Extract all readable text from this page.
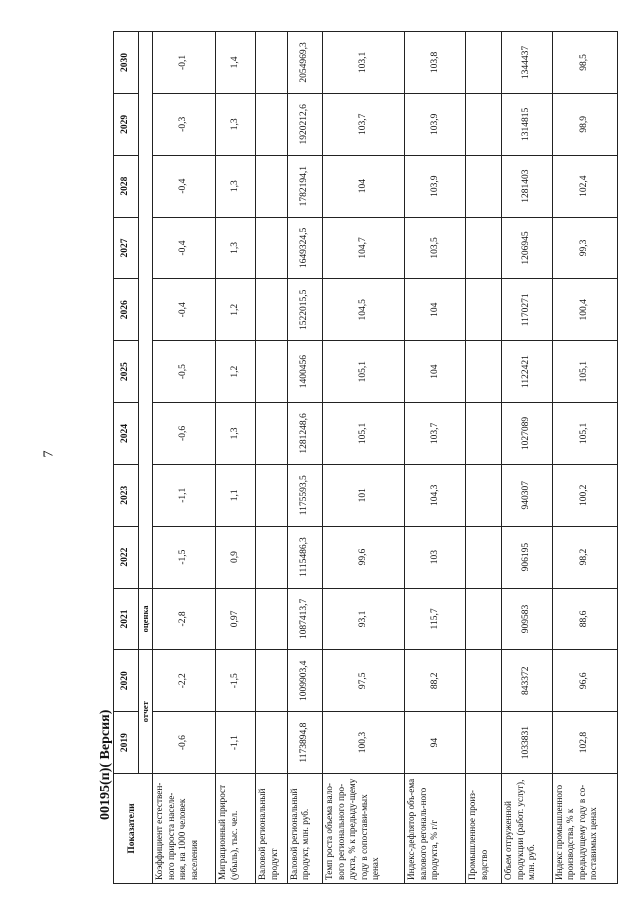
7
00195(п)( Версия)
Показатели	2019	2020	2021	2022	2023	2024	2025	2026	2027	2028	2029	2030
	отчет		оценка									
Коэффициент естествен-ного прироста населе-ния, на 1000 человек населения	-0,6	-2,2	-2,8	-1,5	-1,1	-0,6	-0,5	-0,4	-0,4	-0,4	-0,3	-0,1
Миграционный прирост (убыль), тыс. чел.	-1,1	-1,5	0,97	0,9	1,1	1,3	1,2	1,2	1,3	1,3	1,3	1,4
Валовой региональный продукт												
Валовой региональный продукт, млн. руб.	1173894,8	1009903,4	1087413,7	1115486,3	1175593,5	1281248,6	1400456	1522015,5	1649324,5	1782194,1	1920212,6	2054969,3
Темп роста объема вало-вого регионального про-дукта, % к предыду-щему году в сопостави-мых ценах	100,3	97,5	93,1	99,6	101	105,1	105,1	104,5	104,7	104	103,7	103,1
Индекс-дефлятор объ-ема валового регональ-ного продукта, % г/г	94	88,2	115,7	103	104,3	103,7	104	104	103,5	103,9	103,9	103,8
Промышленное произ-водство												
Объем отгруженной продукции (работ. услуг), млн. руб.	1033831	843372	909583	906195	940307	1027089	1122421	1170271	1206945	1281403	1314815	1344437
Индекс промышленного производства, % к предыдущему году в со-поставимых ценах	102,8	96,6	88,6	98,2	100,2	105,1	105,1	100,4	99,3	102,4	98,9	98,5
